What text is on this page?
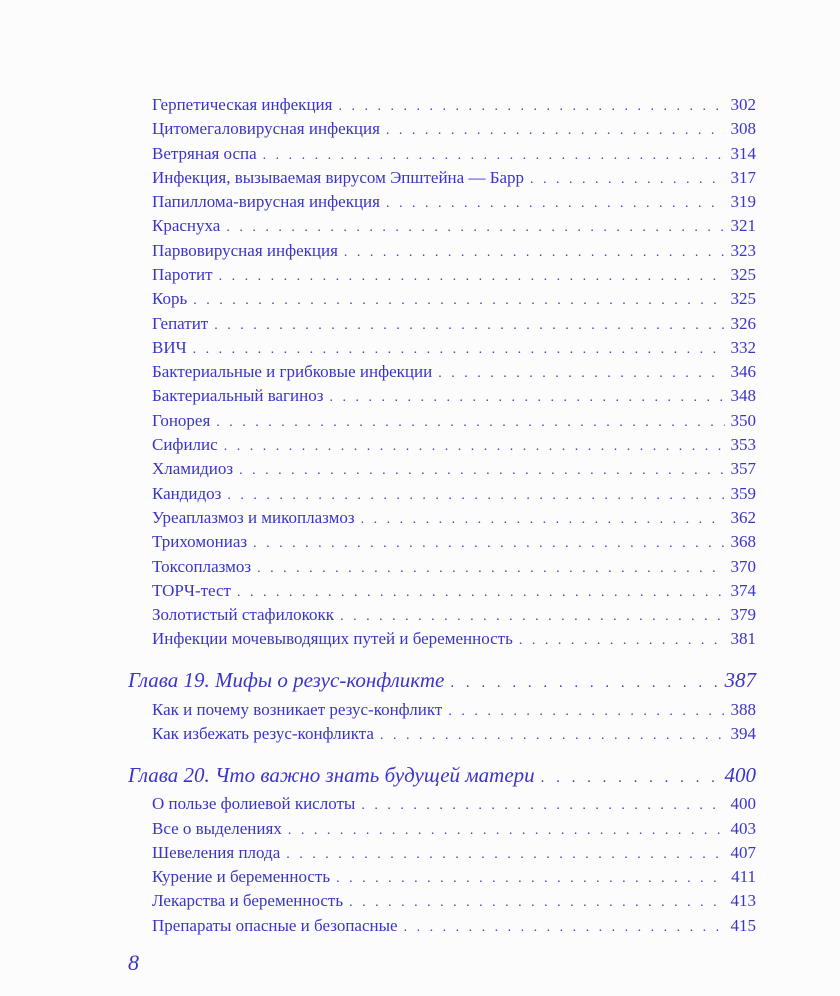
Герпетическая инфекция . . .	302
Цитомегаловирусная инфекция . . .	308
Ветряная оспа . . .	314
Инфекция, вызываемая вирусом Эпштейна — Барр . . .	317
Папиллома-вирусная инфекция . . .	319
Краснуха . . .	321
Парвовирусная инфекция . . .	323
Паротит . . .	325
Корь . . .	325
Гепатит . . .	326
ВИЧ . . .	332
Бактериальные и грибковые инфекции . . .	346
Бактериальный вагиноз . . .	348
Гонорея . . .	350
Сифилис . . .	353
Хламидиоз . . .	357
Кандидоз . . .	359
Уреаплазмоз и микоплазмоз . . .	362
Трихомониаз . . .	368
Токсоплазмоз . . .	370
ТОРЧ-тест . . .	374
Золотистый стафилококк . . .	379
Инфекции мочевыводящих путей и беременность . . .	381
Глава 19. Мифы о резус-конфликте . . .	387
Как и почему возникает резус-конфликт . . .	388
Как избежать резус-конфликта . . .	394
Глава 20. Что важно знать будущей матери . . .	400
О пользе фолиевой кислоты . . .	400
Все о выделениях . . .	403
Шевеления плода . . .	407
Курение и беременность . . .	411
Лекарства и беременность . . .	413
Препараты опасные и безопасные . . .	415
8
